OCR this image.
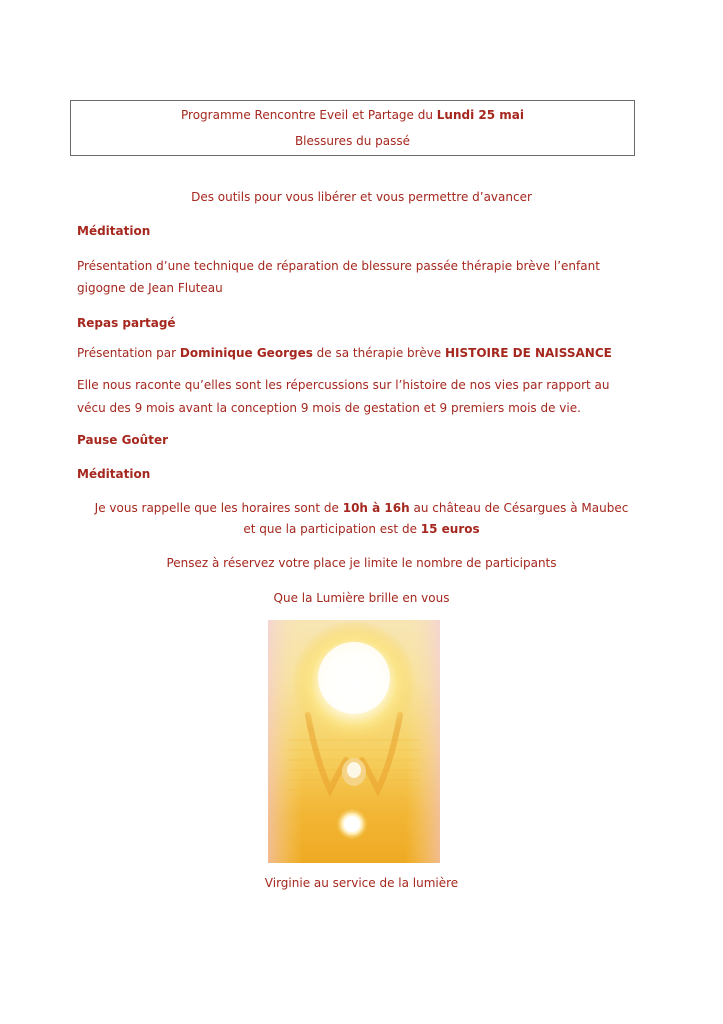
Programme Rencontre Eveil et Partage du Lundi 25 mai
Blessures du passé
Des outils pour vous libérer et vous permettre d’avancer
Méditation
Présentation d’une technique de réparation de blessure passée thérapie brève l’enfant
gigogne de Jean Fluteau
Repas partagé
Présentation par Dominique Georges de sa thérapie brève HISTOIRE DE NAISSANCE
Elle nous raconte qu’elles sont les répercussions sur l’histoire de nos vies par rapport au
vécu des 9 mois avant la conception 9 mois de gestation et 9 premiers mois de vie.
Pause Goûter
Méditation
Je vous rappelle que les horaires sont de 10h à 16h au château de Césargues à Maubec
et que la participation est de 15 euros
Pensez à réservez votre place je limite le nombre de participants
Que la Lumière brille en vous
Virginie au service de la lumière
